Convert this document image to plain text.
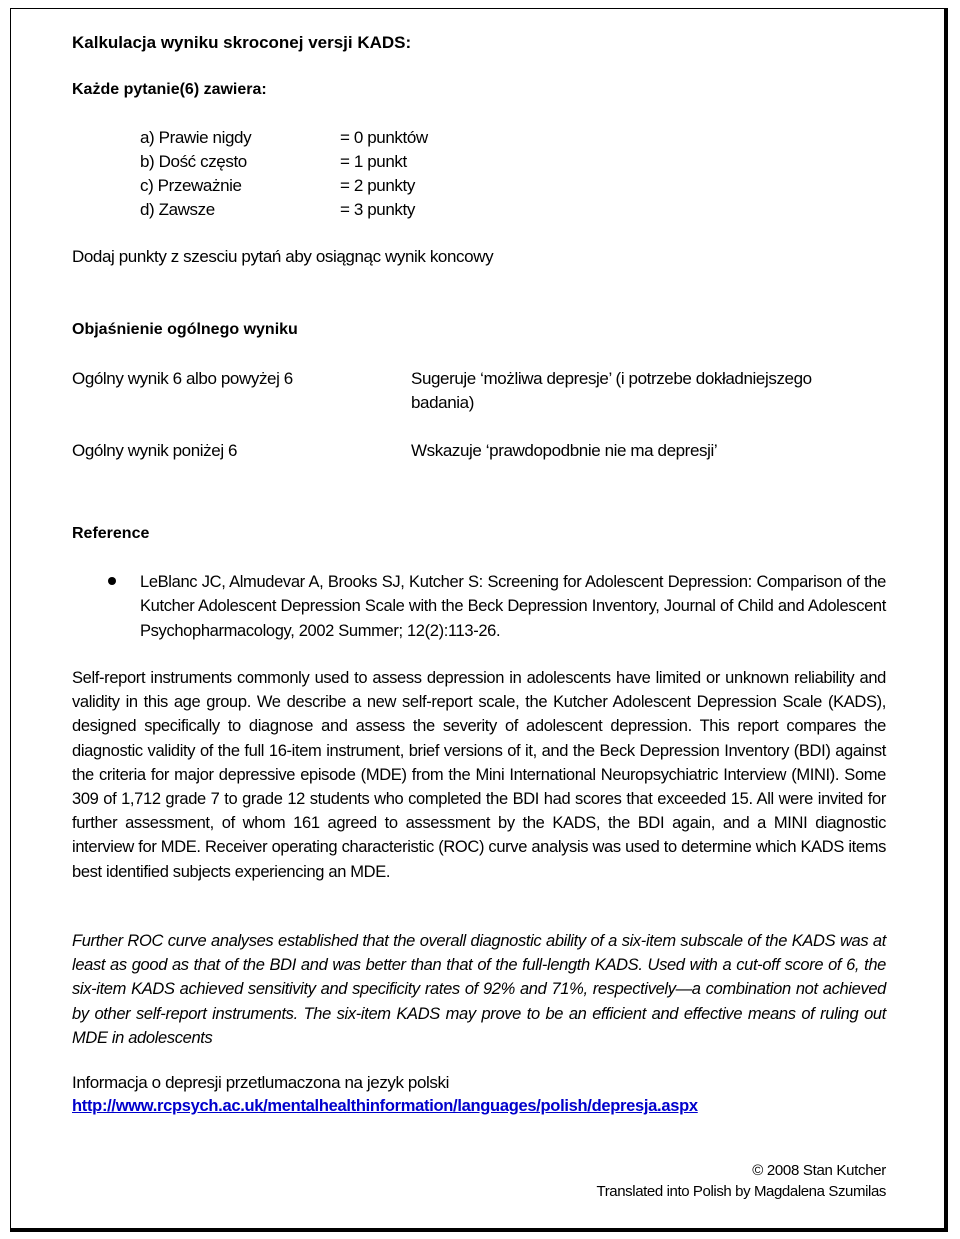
Kalkulacja wyniku skroconej versji KADS:
Każde pytanie(6) zawiera:
a) Prawie nigdy	= 0 punktów
b) Dość często	= 1 punkt
c) Przeważnie	= 2 punkty
d) Zawsze	= 3 punkty
Dodaj punkty z szesciu pytań aby osiągnąc wynik koncowy
Objaśnienie ogólnego wyniku
Ogólny wynik 6 albo powyżej 6	Sugeruje ‘możliwa depresje’ (i potrzebe dokładniejszego
badania)
Ogólny wynik poniżej 6	Wskazuje ‘prawdopodbnie nie ma depresji’
Reference
LeBlanc JC, Almudevar A, Brooks SJ, Kutcher S: Screening for Adolescent Depression: Comparison of the Kutcher Adolescent Depression Scale with the Beck Depression Inventory, Journal of Child and Adolescent Psychopharmacology, 2002 Summer; 12(2):113-26.
Self-report instruments commonly used to assess depression in adolescents have limited or unknown reliability and validity in this age group. We describe a new self-report scale, the Kutcher Adolescent Depression Scale (KADS), designed specifically to diagnose and assess the severity of adolescent depression. This report compares the diagnostic validity of the full 16-item instrument, brief versions of it, and the Beck Depression Inventory (BDI) against the criteria for major depressive episode (MDE) from the Mini International Neuropsychiatric Interview (MINI). Some 309 of 1,712 grade 7 to grade 12 students who completed the BDI had scores that exceeded 15. All were invited for further assessment, of whom 161 agreed to assessment by the KADS, the BDI again, and a MINI diagnostic interview for MDE. Receiver operating characteristic (ROC) curve analysis was used to determine which KADS items best identified subjects experiencing an MDE.
Further ROC curve analyses established that the overall diagnostic ability of a six-item subscale of the KADS was at least as good as that of the BDI and was better than that of the full-length KADS. Used with a cut-off score of 6, the six-item KADS achieved sensitivity and specificity rates of 92% and 71%, respectively—a combination not achieved by other self-report instruments. The six-item KADS may prove to be an efficient and effective means of ruling out MDE in adolescents
Informacja o depresji przetlumaczona na jezyk polski
http://www.rcpsych.ac.uk/mentalhealthinformation/languages/polish/depresja.aspx
© 2008 Stan Kutcher
Translated into Polish by Magdalena Szumilas
